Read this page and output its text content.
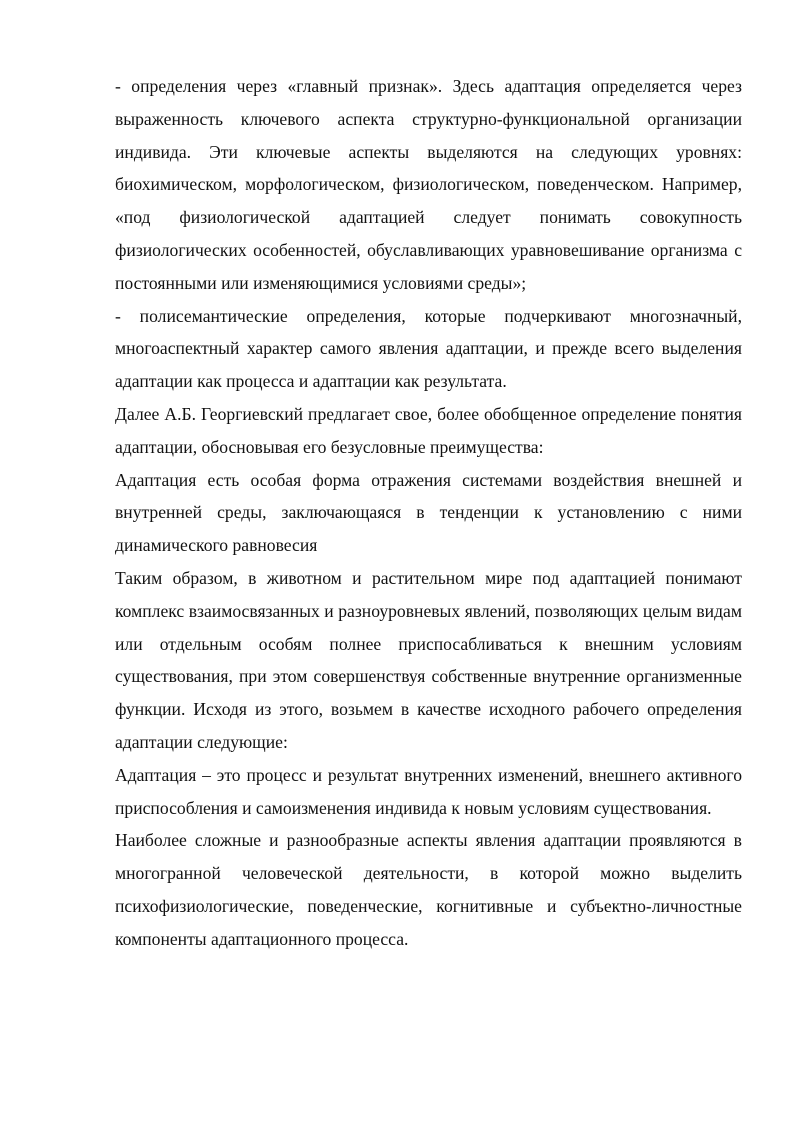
- определения через «главный признак». Здесь адаптация определяется через выраженность ключевого аспекта структурно-функциональной организации индивида. Эти ключевые аспекты выделяются на следующих уровнях: биохимическом, морфологическом, физиологическом, поведенческом. Например, «под физиологической адаптацией следует понимать совокупность физиологических особенностей, обуславливающих уравновешивание организма с постоянными или изменяющимися условиями среды»;

- полисемантические определения, которые подчеркивают многозначный, многоаспектный характер самого явления адаптации, и прежде всего выделения адаптации как процесса и адаптации как результата.

Далее А.Б. Георгиевский предлагает свое, более обобщенное определение понятия адаптации, обосновывая его безусловные преимущества:

Адаптация есть особая форма отражения системами воздействия внешней и внутренней среды, заключающаяся в тенденции к установлению с ними динамического равновесия

Таким образом, в животном и растительном мире под адаптацией понимают комплекс взаимосвязанных и разноуровневых явлений, позволяющих целым видам или отдельным особям полнее приспосабливаться к внешним условиям существования, при этом совершенствуя собственные внутренние организменные функции. Исходя из этого, возьмем в качестве исходного рабочего определения адаптации следующие:

Адаптация – это процесс и результат внутренних изменений, внешнего активного приспособления и самоизменения индивида к новым условиям существования.

Наиболее сложные и разнообразные аспекты явления адаптации проявляются в многогранной человеческой деятельности, в которой можно выделить психофизиологические, поведенческие, когнитивные и субъектно-личностные компоненты адаптационного процесса.
